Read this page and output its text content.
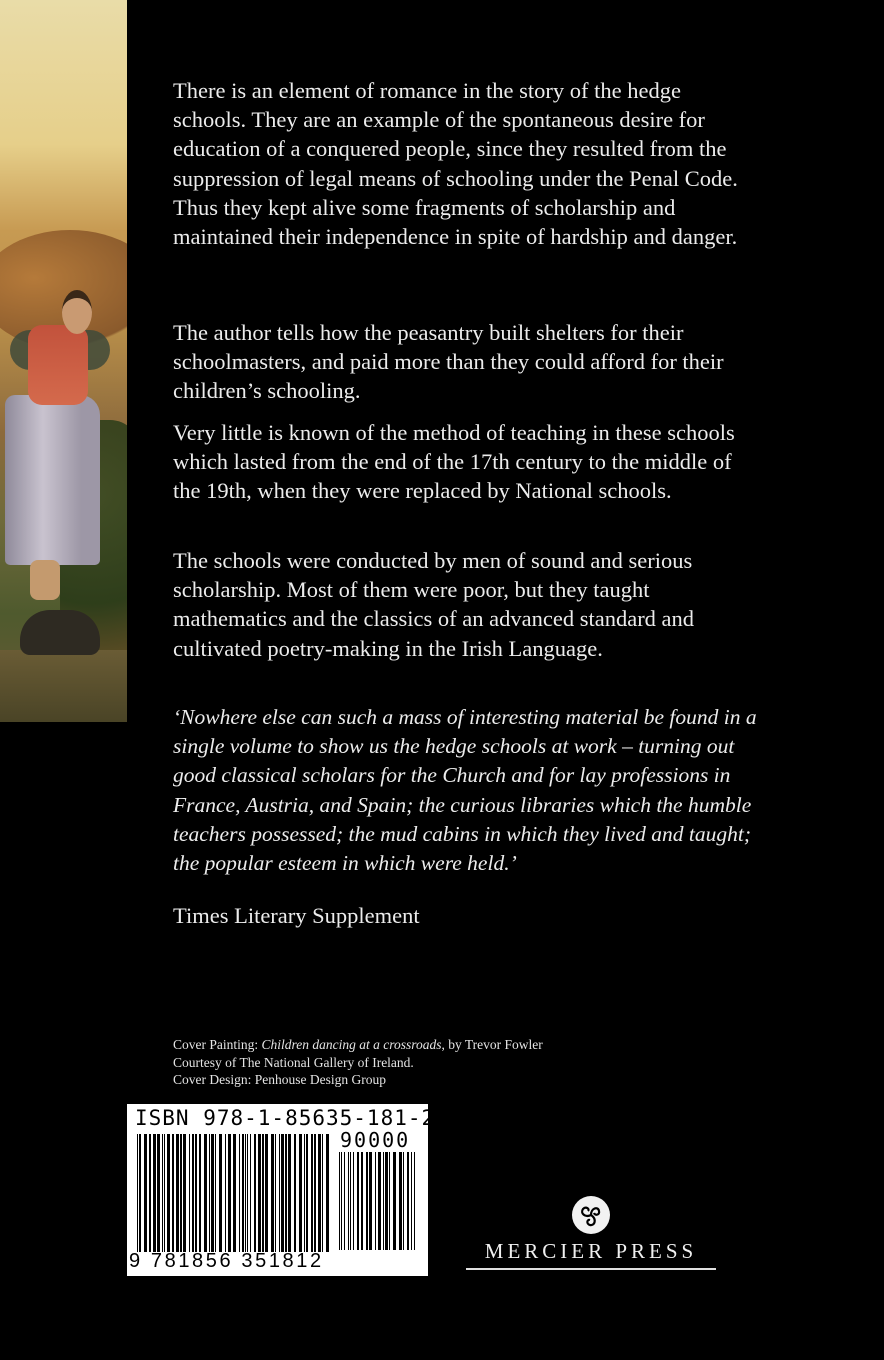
There is an element of romance in the story of the hedge schools. They are an example of the spontaneous desire for education of a conquered people, since they resulted from the suppression of legal means of schooling under the Penal Code. Thus they kept alive some fragments of scholarship and maintained their independence in spite of hardship and danger.

The author tells how the peasantry built shelters for their schoolmasters, and paid more than they could afford for their children’s schooling.

Very little is known of the method of teaching in these schools which lasted from the end of the 17th century to the middle of the 19th, when they were replaced by National schools.

The schools were conducted by men of sound and serious scholarship. Most of them were poor, but they taught mathematics and the classics of an advanced standard and cultivated poetry-making in the Irish Language.

‘Nowhere else can such a mass of interesting material be found in a single volume to show us the hedge schools at work – turning out good classical scholars for the Church and for lay professions in France, Austria, and Spain; the curious libraries which the humble teachers possessed; the mud cabins in which they lived and taught; the popular esteem in which were held.’

Times Literary Supplement

Cover Painting: Children dancing at a crossroads, by Trevor Fowler
Courtesy of The National Gallery of Ireland.
Cover Design: Penhouse Design Group
ISBN 978-1-85635-181-2
90000
9 781856 351812	MERCIER PRESS
